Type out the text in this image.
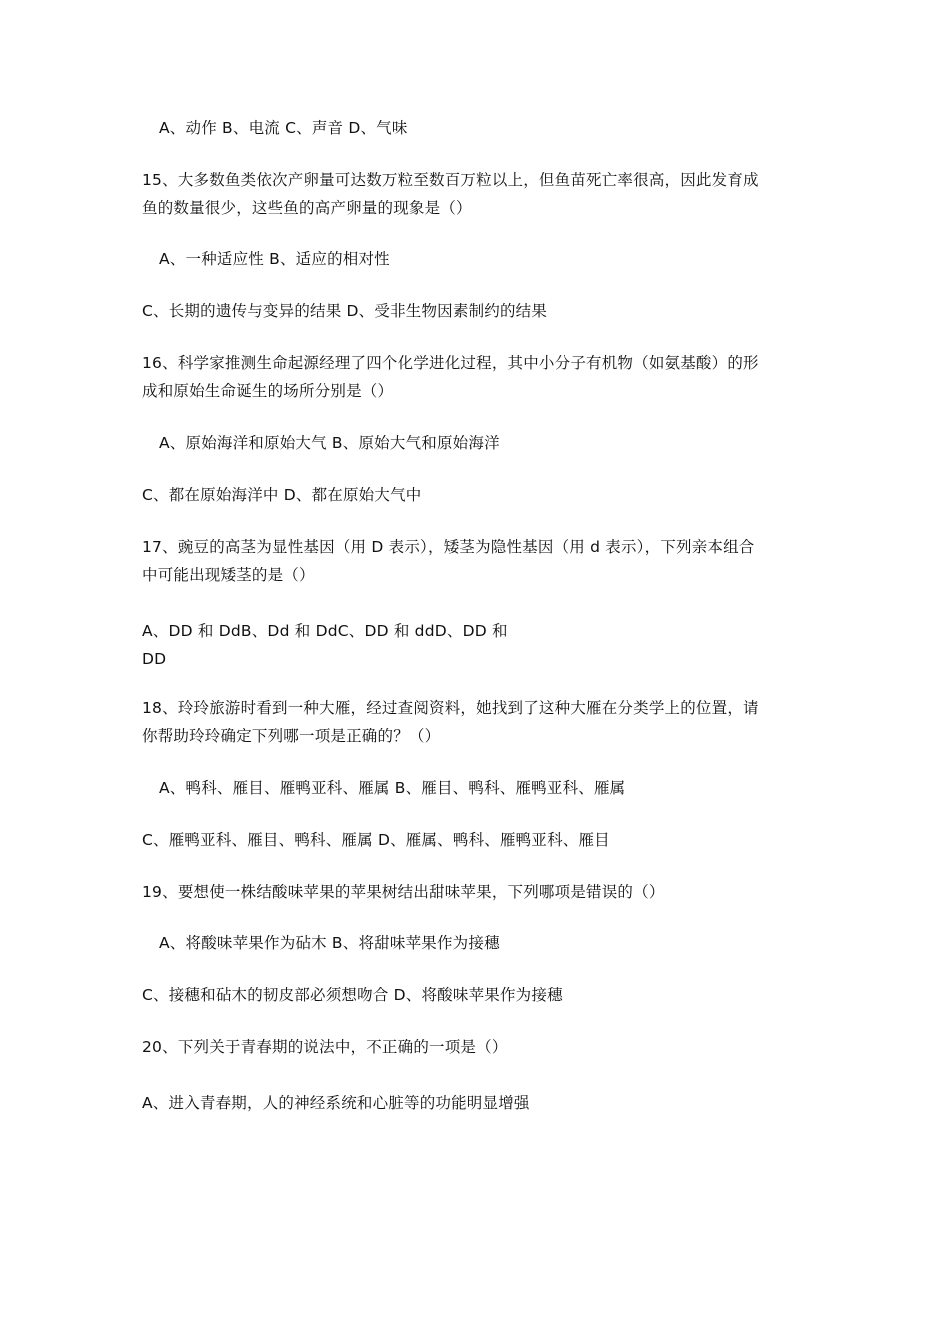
A、动作 B、电流 C、声音 D、气味
15、大多数鱼类依次产卵量可达数万粒至数百万粒以上，但鱼苗死亡率很高，因此发育成
鱼的数量很少，这些鱼的高产卵量的现象是（）
A、一种适应性 B、适应的相对性
C、长期的遗传与变异的结果 D、受非生物因素制约的结果
16、科学家推测生命起源经理了四个化学进化过程，其中小分子有机物（如氨基酸）的形
成和原始生命诞生的场所分别是（）
A、原始海洋和原始大气 B、原始大气和原始海洋
C、都在原始海洋中 D、都在原始大气中
17、豌豆的高茎为显性基因（用 D 表示），矮茎为隐性基因（用 d 表示），下列亲本组合
中可能出现矮茎的是（）
A、DD 和 DdB、Dd 和 DdC、DD 和 ddD、DD 和
DD
18、玲玲旅游时看到一种大雁，经过查阅资料，她找到了这种大雁在分类学上的位置，请
你帮助玲玲确定下列哪一项是正确的？（）
A、鸭科、雁目、雁鸭亚科、雁属 B、雁目、鸭科、雁鸭亚科、雁属
C、雁鸭亚科、雁目、鸭科、雁属 D、雁属、鸭科、雁鸭亚科、雁目
19、要想使一株结酸味苹果的苹果树结出甜味苹果，下列哪项是错误的（）
A、将酸味苹果作为砧木 B、将甜味苹果作为接穗
C、接穗和砧木的韧皮部必须想吻合 D、将酸味苹果作为接穗
20、下列关于青春期的说法中，不正确的一项是（）
A、进入青春期，人的神经系统和心脏等的功能明显增强
